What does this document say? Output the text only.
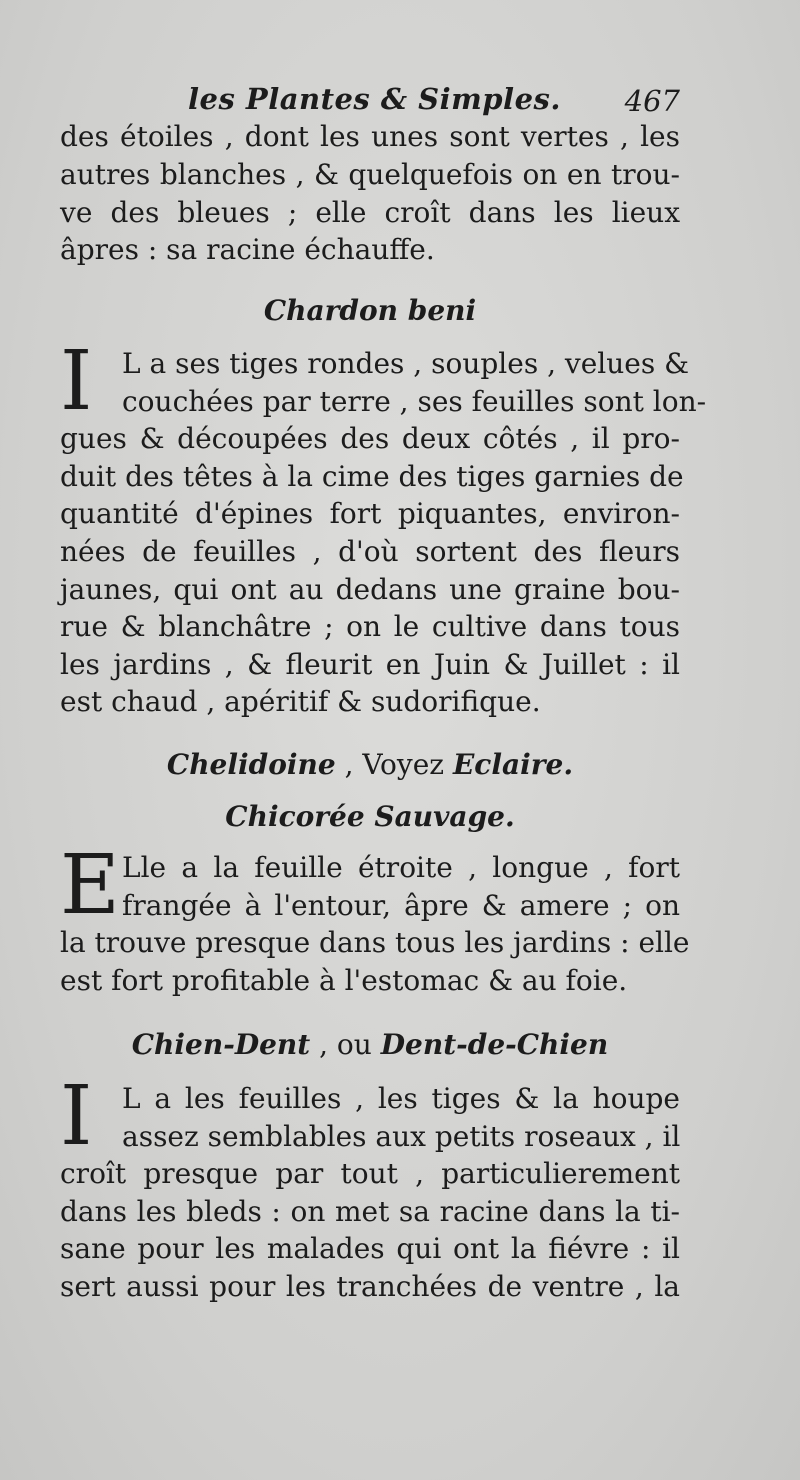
les Plantes & Simples. 467
des étoiles , dont les unes sont vertes , les
autres blanches , & quelquefois on en trou-
ve des bleues ; elle croît dans les lieux
âpres : sa racine échauffe.
Chardon beni
I	L a ses tiges rondes , souples , velues &
couchées par terre , ses feuilles sont lon-
gues & découpées des deux côtés , il pro-
duit des têtes à la cime des tiges garnies de
quantité d'épines fort piquantes, environ-
nées de feuilles , d'où sortent des fleurs
jaunes, qui ont au dedans une graine bou-
rue & blanchâtre ; on le cultive dans tous
les jardins , & fleurit en Juin & Juillet : il
est chaud , apéritif & sudorifique.
Chelidoine , Voyez Eclaire.
Chicorée Sauvage.
E Lle a la feuille étroite , longue , fort
frangée à l'entour, âpre & amere ; on
la trouve presque dans tous les jardins : elle
est fort profitable à l'estomac & au foie.
Chien-Dent , ou Dent-de-Chien
I	L a les feuilles , les tiges & la houpe
assez semblables aux petits roseaux , il
croît presque par tout , particulierement
dans les bleds : on met sa racine dans la ti-
sane pour les malades qui ont la fiévre : il
sert aussi pour les tranchées de ventre , la
